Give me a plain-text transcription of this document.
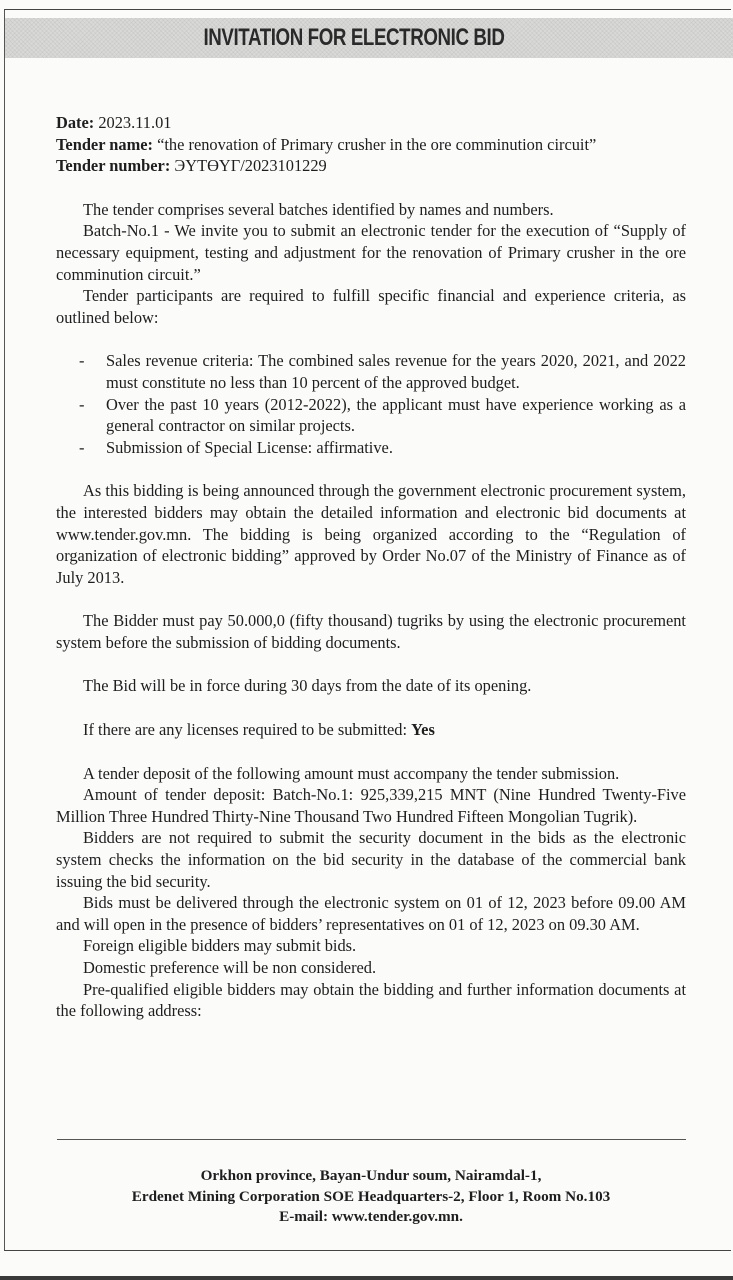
INVITATION FOR ELECTRONIC BID
Date: 2023.11.01
Tender name: “the renovation of Primary crusher in the ore comminution circuit”
Tender number: ЭҮТӨҮГ/2023101229

The tender comprises several batches identified by names and numbers.

Batch-No.1 - We invite you to submit an electronic tender for the execution of “Supply of necessary equipment, testing and adjustment for the renovation of Primary crusher in the ore comminution circuit.”

Tender participants are required to fulfill specific financial and experience criteria, as outlined below:

- Sales revenue criteria: The combined sales revenue for the years 2020, 2021, and 2022 must constitute no less than 10 percent of the approved budget.
- Over the past 10 years (2012-2022), the applicant must have experience working as a general contractor on similar projects.
- Submission of Special License: affirmative.

As this bidding is being announced through the government electronic procurement system, the interested bidders may obtain the detailed information and electronic bid documents at www.tender.gov.mn. The bidding is being organized according to the “Regulation of organization of electronic bidding” approved by Order No.07 of the Ministry of Finance as of July 2013.

The Bidder must pay 50.000,0 (fifty thousand) tugriks by using the electronic procurement system before the submission of bidding documents.

The Bid will be in force during 30 days from the date of its opening.

If there are any licenses required to be submitted: Yes

A tender deposit of the following amount must accompany the tender submission.

Amount of tender deposit: Batch-No.1: 925,339,215 MNT (Nine Hundred Twenty-Five Million Three Hundred Thirty-Nine Thousand Two Hundred Fifteen Mongolian Tugrik).

Bidders are not required to submit the security document in the bids as the electronic system checks the information on the bid security in the database of the commercial bank issuing the bid security.

Bids must be delivered through the electronic system on 01 of 12, 2023 before 09.00 AM and will open in the presence of bidders’ representatives on 01 of 12, 2023 on 09.30 AM.

Foreign eligible bidders may submit bids.

Domestic preference will be non considered.

Pre-qualified eligible bidders may obtain the bidding and further information documents at the following address:

Orkhon province, Bayan-Undur soum, Nairamdal-1,
Erdenet Mining Corporation SOE Headquarters-2, Floor 1, Room No.103
E-mail: www.tender.gov.mn.
